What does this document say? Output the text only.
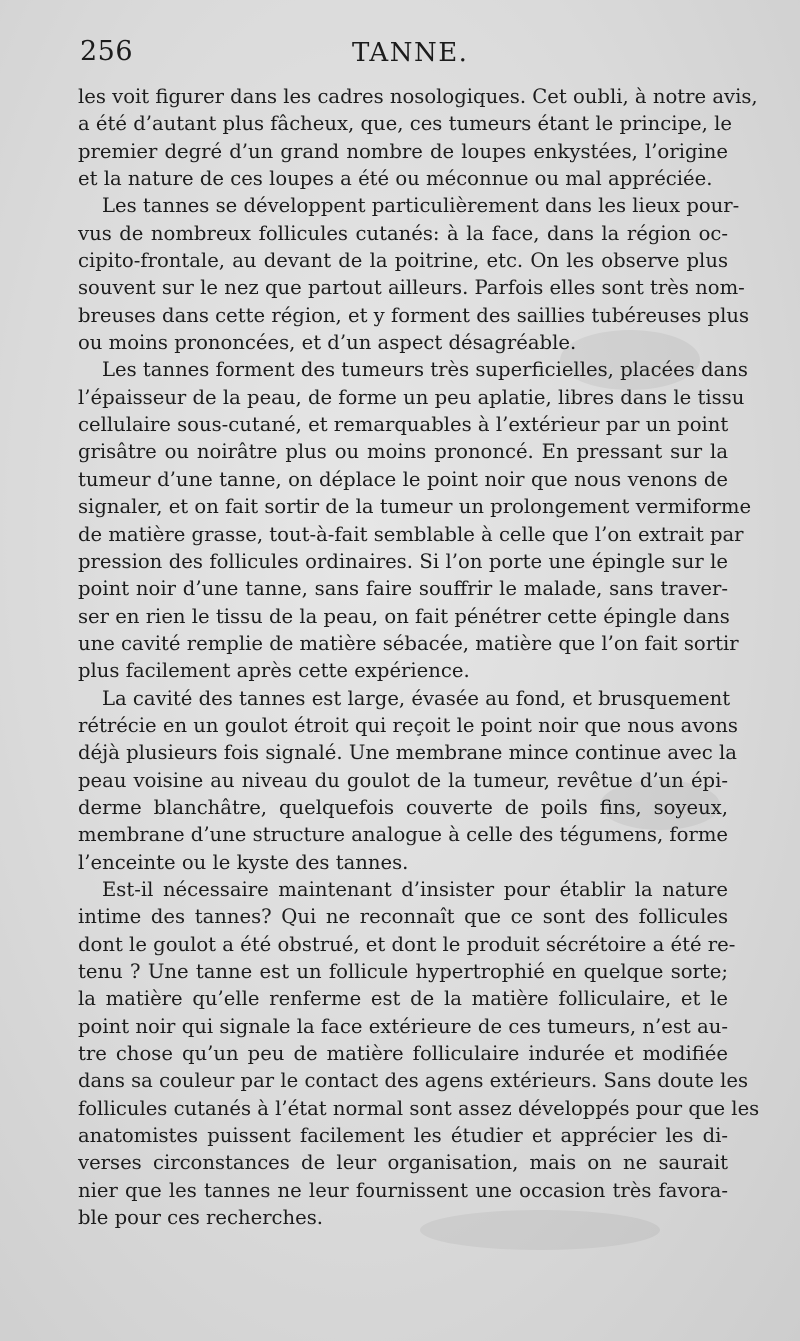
256	TANNE.
les voit figurer dans les cadres nosologiques. Cet oubli, à notre avis,
a été d’autant plus fâcheux, que, ces tumeurs étant le principe, le
premier degré d’un grand nombre de loupes enkystées, l’origine
et la nature de ces loupes a été ou méconnue ou mal appréciée.
Les tannes se développent particulièrement dans les lieux pour-
vus de nombreux follicules cutanés: à la face, dans la région oc-
cipito-frontale, au devant de la poitrine, etc. On les observe plus
souvent sur le nez que partout ailleurs. Parfois elles sont très nom-
breuses dans cette région, et y forment des saillies tubéreuses plus
ou moins prononcées, et d’un aspect désagréable.
Les tannes forment des tumeurs très superficielles, placées dans
l’épaisseur de la peau, de forme un peu aplatie, libres dans le tissu
cellulaire sous-cutané, et remarquables à l’extérieur par un point
grisâtre ou noirâtre plus ou moins prononcé. En pressant sur la
tumeur d’une tanne, on déplace le point noir que nous venons de
signaler, et on fait sortir de la tumeur un prolongement vermiforme
de matière grasse, tout-à-fait semblable à celle que l’on extrait par
pression des follicules ordinaires. Si l’on porte une épingle sur le
point noir d’une tanne, sans faire souffrir le malade, sans traver-
ser en rien le tissu de la peau, on fait pénétrer cette épingle dans
une cavité remplie de matière sébacée, matière que l’on fait sortir
plus facilement après cette expérience.
La cavité des tannes est large, évasée au fond, et brusquement
rétrécie en un goulot étroit qui reçoit le point noir que nous avons
déjà plusieurs fois signalé. Une membrane mince continue avec la
peau voisine au niveau du goulot de la tumeur, revêtue d’un épi-
derme blanchâtre, quelquefois couverte de poils fins, soyeux,
membrane d’une structure analogue à celle des tégumens, forme
l’enceinte ou le kyste des tannes.
Est-il nécessaire maintenant d’insister pour établir la nature
intime des tannes? Qui ne reconnaît que ce sont des follicules
dont le goulot a été obstrué, et dont le produit sécrétoire a été re-
tenu ? Une tanne est un follicule hypertrophié en quelque sorte;
la matière qu’elle renferme est de la matière folliculaire, et le
point noir qui signale la face extérieure de ces tumeurs, n’est au-
tre chose qu’un peu de matière folliculaire indurée et modifiée
dans sa couleur par le contact des agens extérieurs. Sans doute les
follicules cutanés à l’état normal sont assez développés pour que les
anatomistes puissent facilement les étudier et apprécier les di-
verses circonstances de leur organisation, mais on ne saurait
nier que les tannes ne leur fournissent une occasion très favora-
ble pour ces recherches.
